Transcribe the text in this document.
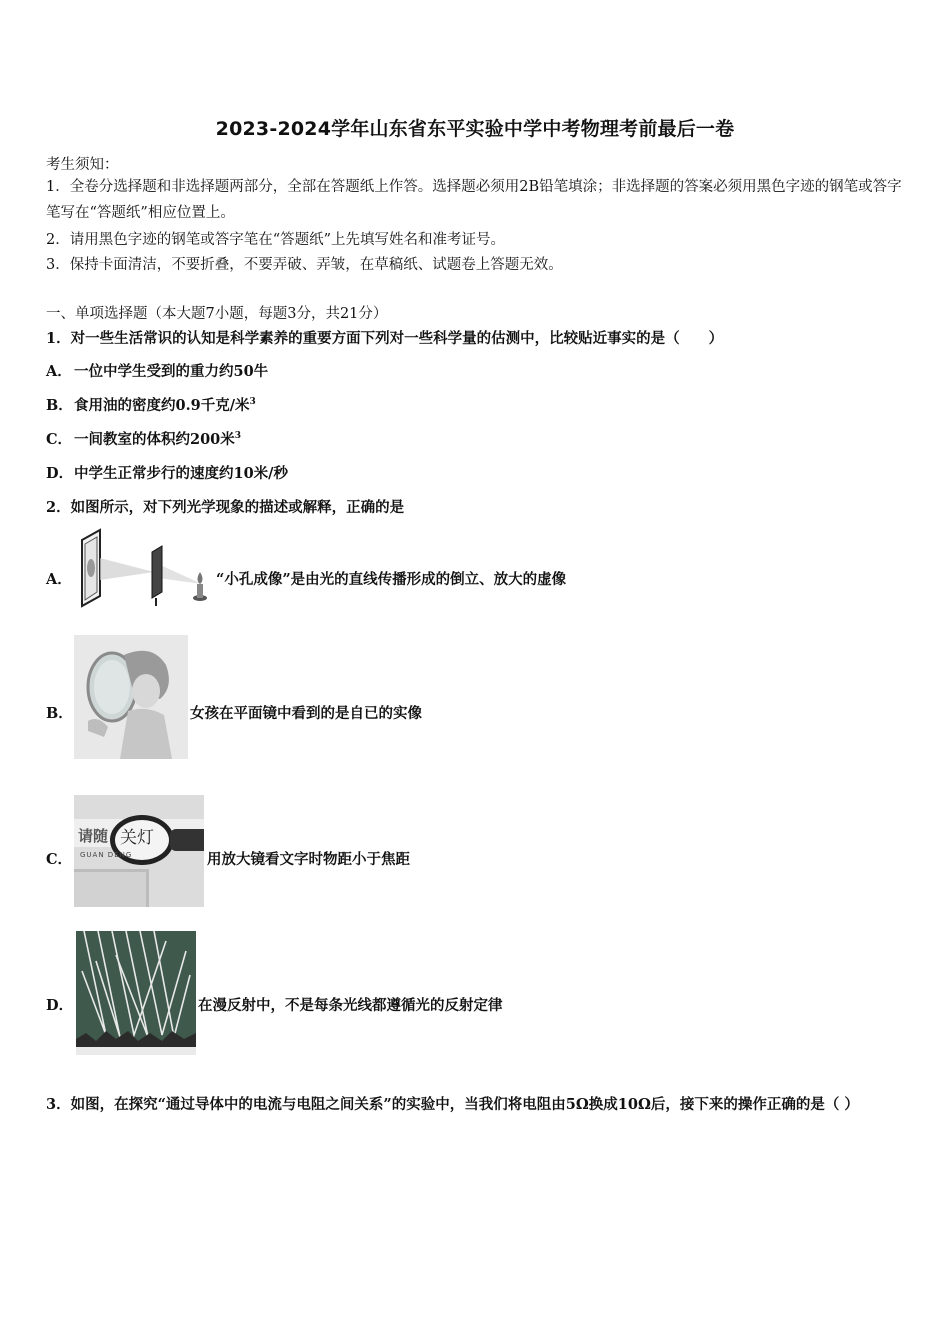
2023-2024学年山东省东平实验中学中考物理考前最后一卷
考生须知：
1．全卷分选择题和非选择题两部分，全部在答题纸上作答。选择题必须用2B铅笔填涂；非选择题的答案必须用黑色字迹的钢笔或答字笔写在“答题纸”相应位置上。
2．请用黑色字迹的钢笔或答字笔在“答题纸”上先填写姓名和准考证号。
3．保持卡面清洁，不要折叠，不要弄破、弄皱，在草稿纸、试题卷上答题无效。
一、单项选择题（本大题7小题，每题3分，共21分）
1．对一些生活常识的认知是科学素养的重要方面下列对一些科学量的估测中，比较贴近事实的是（　　）
A． 一位中学生受到的重力约50牛
B． 食用油的密度约0.9千克/米$^3$
C． 一间教室的体积约200米$^3$
D． 中学生正常步行的速度约10米/秒
2．如图所示，对下列光学现象的描述或解释，正确的是
A．	“小孔成像”是由光的直线传播形成的倒立、放大的虚像
B．	女孩在平面镜中看到的是自已的实像
C．
请随 关灯
GUAN DENG	用放大镜看文字时物距小于焦距
D．	在漫反射中，不是每条光线都遵循光的反射定律
3．如图，在探究“通过导体中的电流与电阻之间关系”的实验中，当我们将电阻由5Ω换成10Ω后，接下来的操作正确的是（ ）
